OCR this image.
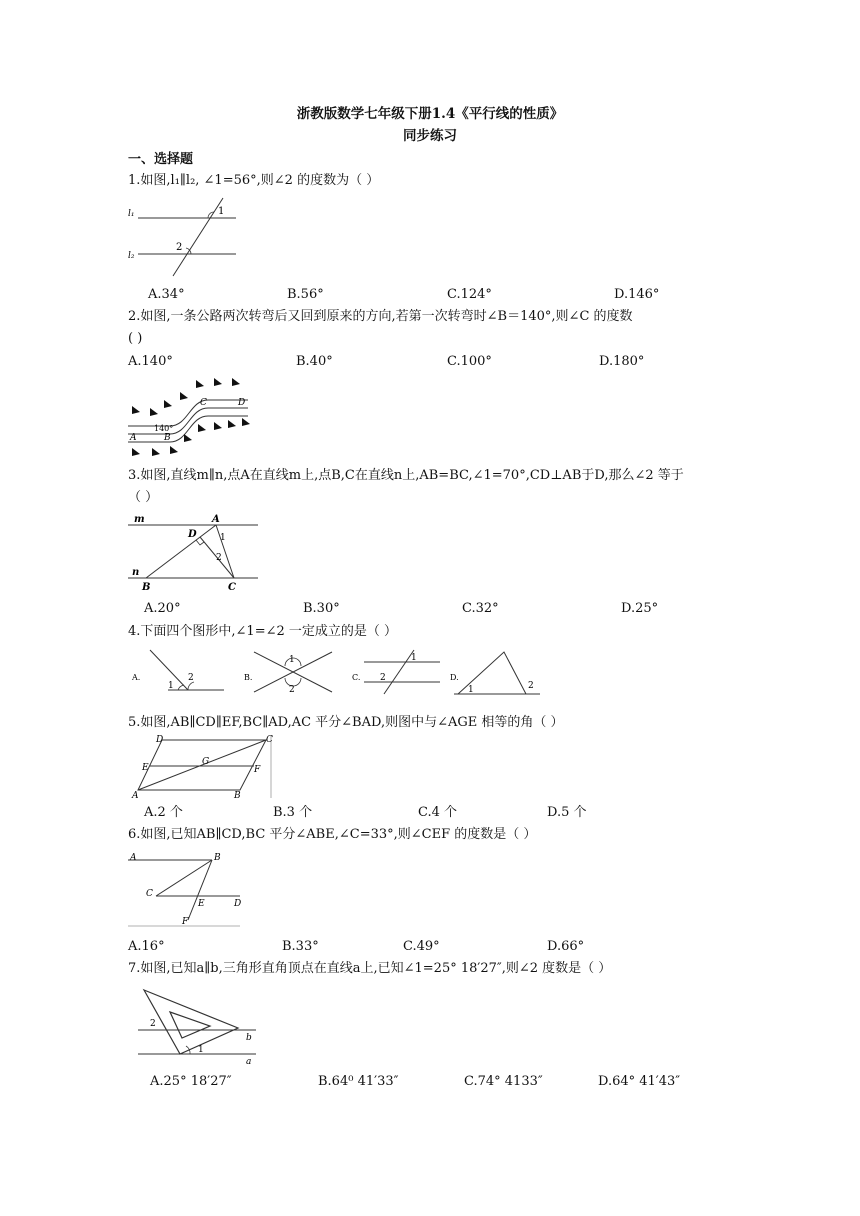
浙教版数学七年级下册1.4《平行线的性质》
同步练习
一、选择题
1.如图,l₁∥l₂, ∠1=56°,则∠2 的度数为（ ）
l₁
l₂
1
2
A.34°	B.56°	C.124°	D.146°
2.如图,一条公路两次转弯后又回到原来的方向,若第一次转弯时∠B＝140°,则∠C 的度数
( )
A.140°	B.40°	C.100°	D.180°
A	B
C	D
140°
3.如图,直线m∥n,点A在直线m上,点B,C在直线n上,AB=BC,∠1=70°,CD⊥AB于D,那么∠2 等于
（ ）
m
n
A
D	1
2
B	C
A.20°	B.30°	C.32°	D.25°
4.下面四个图形中,∠1=∠2 一定成立的是（ ）
A.
1
2	B.
1
2
C.
1
2	D.
1	2
5.如图,AB∥CD∥EF,BC∥AD,AC 平分∠BAD,则图中与∠AGE 相等的角（ ）
D	C
E
G
F
A	B
A.2 个	B.3 个	C.4 个	D.5 个
6.如图,已知AB∥CD,BC 平分∠ABE,∠C=33°,则∠CEF 的度数是（ ）
A	B
C
E	D
F
A.16°	B.33°	C.49°	D.66°
7.如图,已知a∥b,三角形直角顶点在直线a上,已知∠1=25° 18′27″,则∠2 度数是（ ）
2
1
b
a
A.25° 18′27″	B.64⁰ 41′33″	C.74° 4133″	D.64° 41′43″
